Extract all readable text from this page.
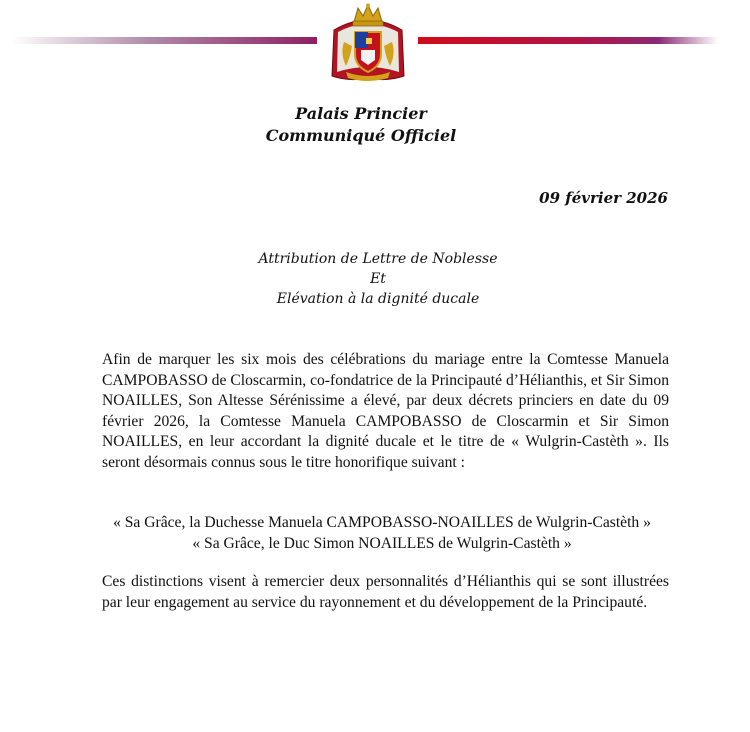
Palais Princier
Communiqué Officiel
09 février 2026
Attribution de Lettre de Noblesse
Et
Elévation à la dignité ducale

Afin de marquer les six mois des célébrations du mariage entre la Comtesse Manuela CAMPOBASSO de Closcarmin, co-fondatrice de la Principauté d’Hélianthis, et Sir Simon NOAILLES, Son Altesse Sérénissime a élevé, par deux décrets princiers en date du 09 février 2026, la Comtesse Manuela CAMPOBASSO de Closcarmin et Sir Simon NOAILLES, en leur accordant la dignité ducale et le titre de « Wulgrin-Castèth ». Ils seront désormais connus sous le titre honorifique suivant :

« Sa Grâce, la Duchesse Manuela CAMPOBASSO-NOAILLES de Wulgrin-Castèth »
« Sa Grâce, le Duc Simon NOAILLES de Wulgrin-Castèth »

Ces distinctions visent à remercier deux personnalités d’Hélianthis qui se sont illustrées par leur engagement au service du rayonnement et du développement de la Principauté.
